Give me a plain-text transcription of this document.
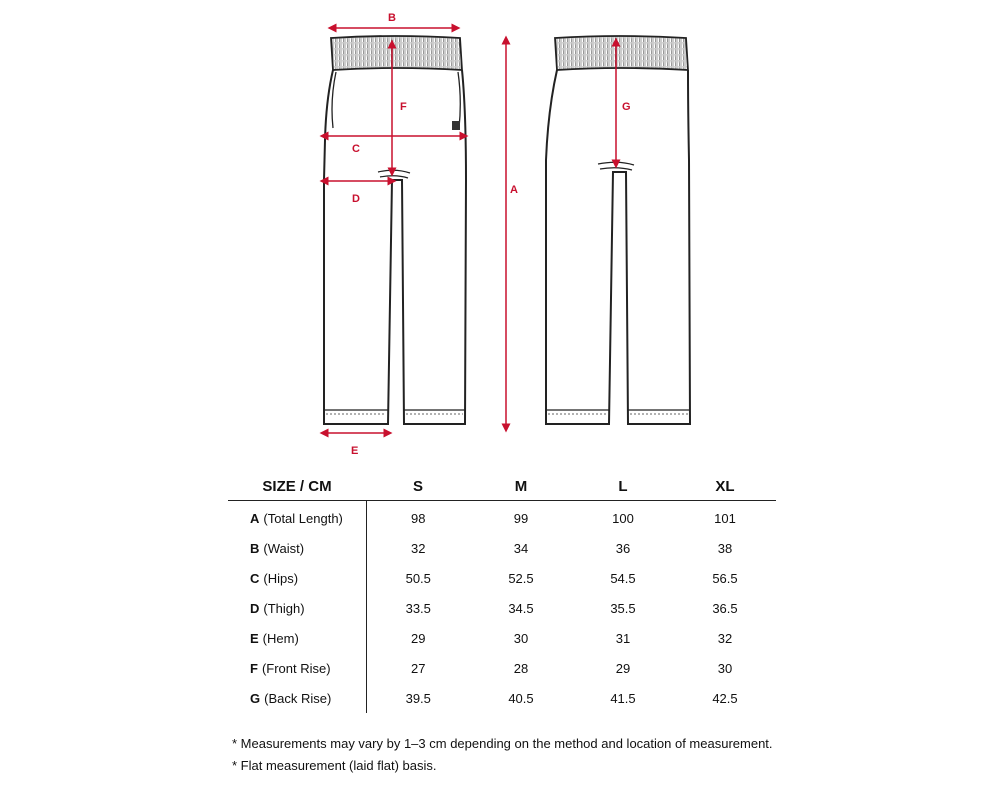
B
F
C
D
A
E
G
SIZE / CM	S	M	L	XL
A (Total Length)	98	99	100	101
B (Waist)	32	34	36	38
C (Hips)	50.5	52.5	54.5	56.5
D (Thigh)	33.5	34.5	35.5	36.5
E (Hem)	29	30	31	32
F (Front Rise)	27	28	29	30
G (Back Rise)	39.5	40.5	41.5	42.5
* Measurements may vary by 1–3 cm depending on the method and location of measurement.
* Flat measurement (laid flat) basis.
